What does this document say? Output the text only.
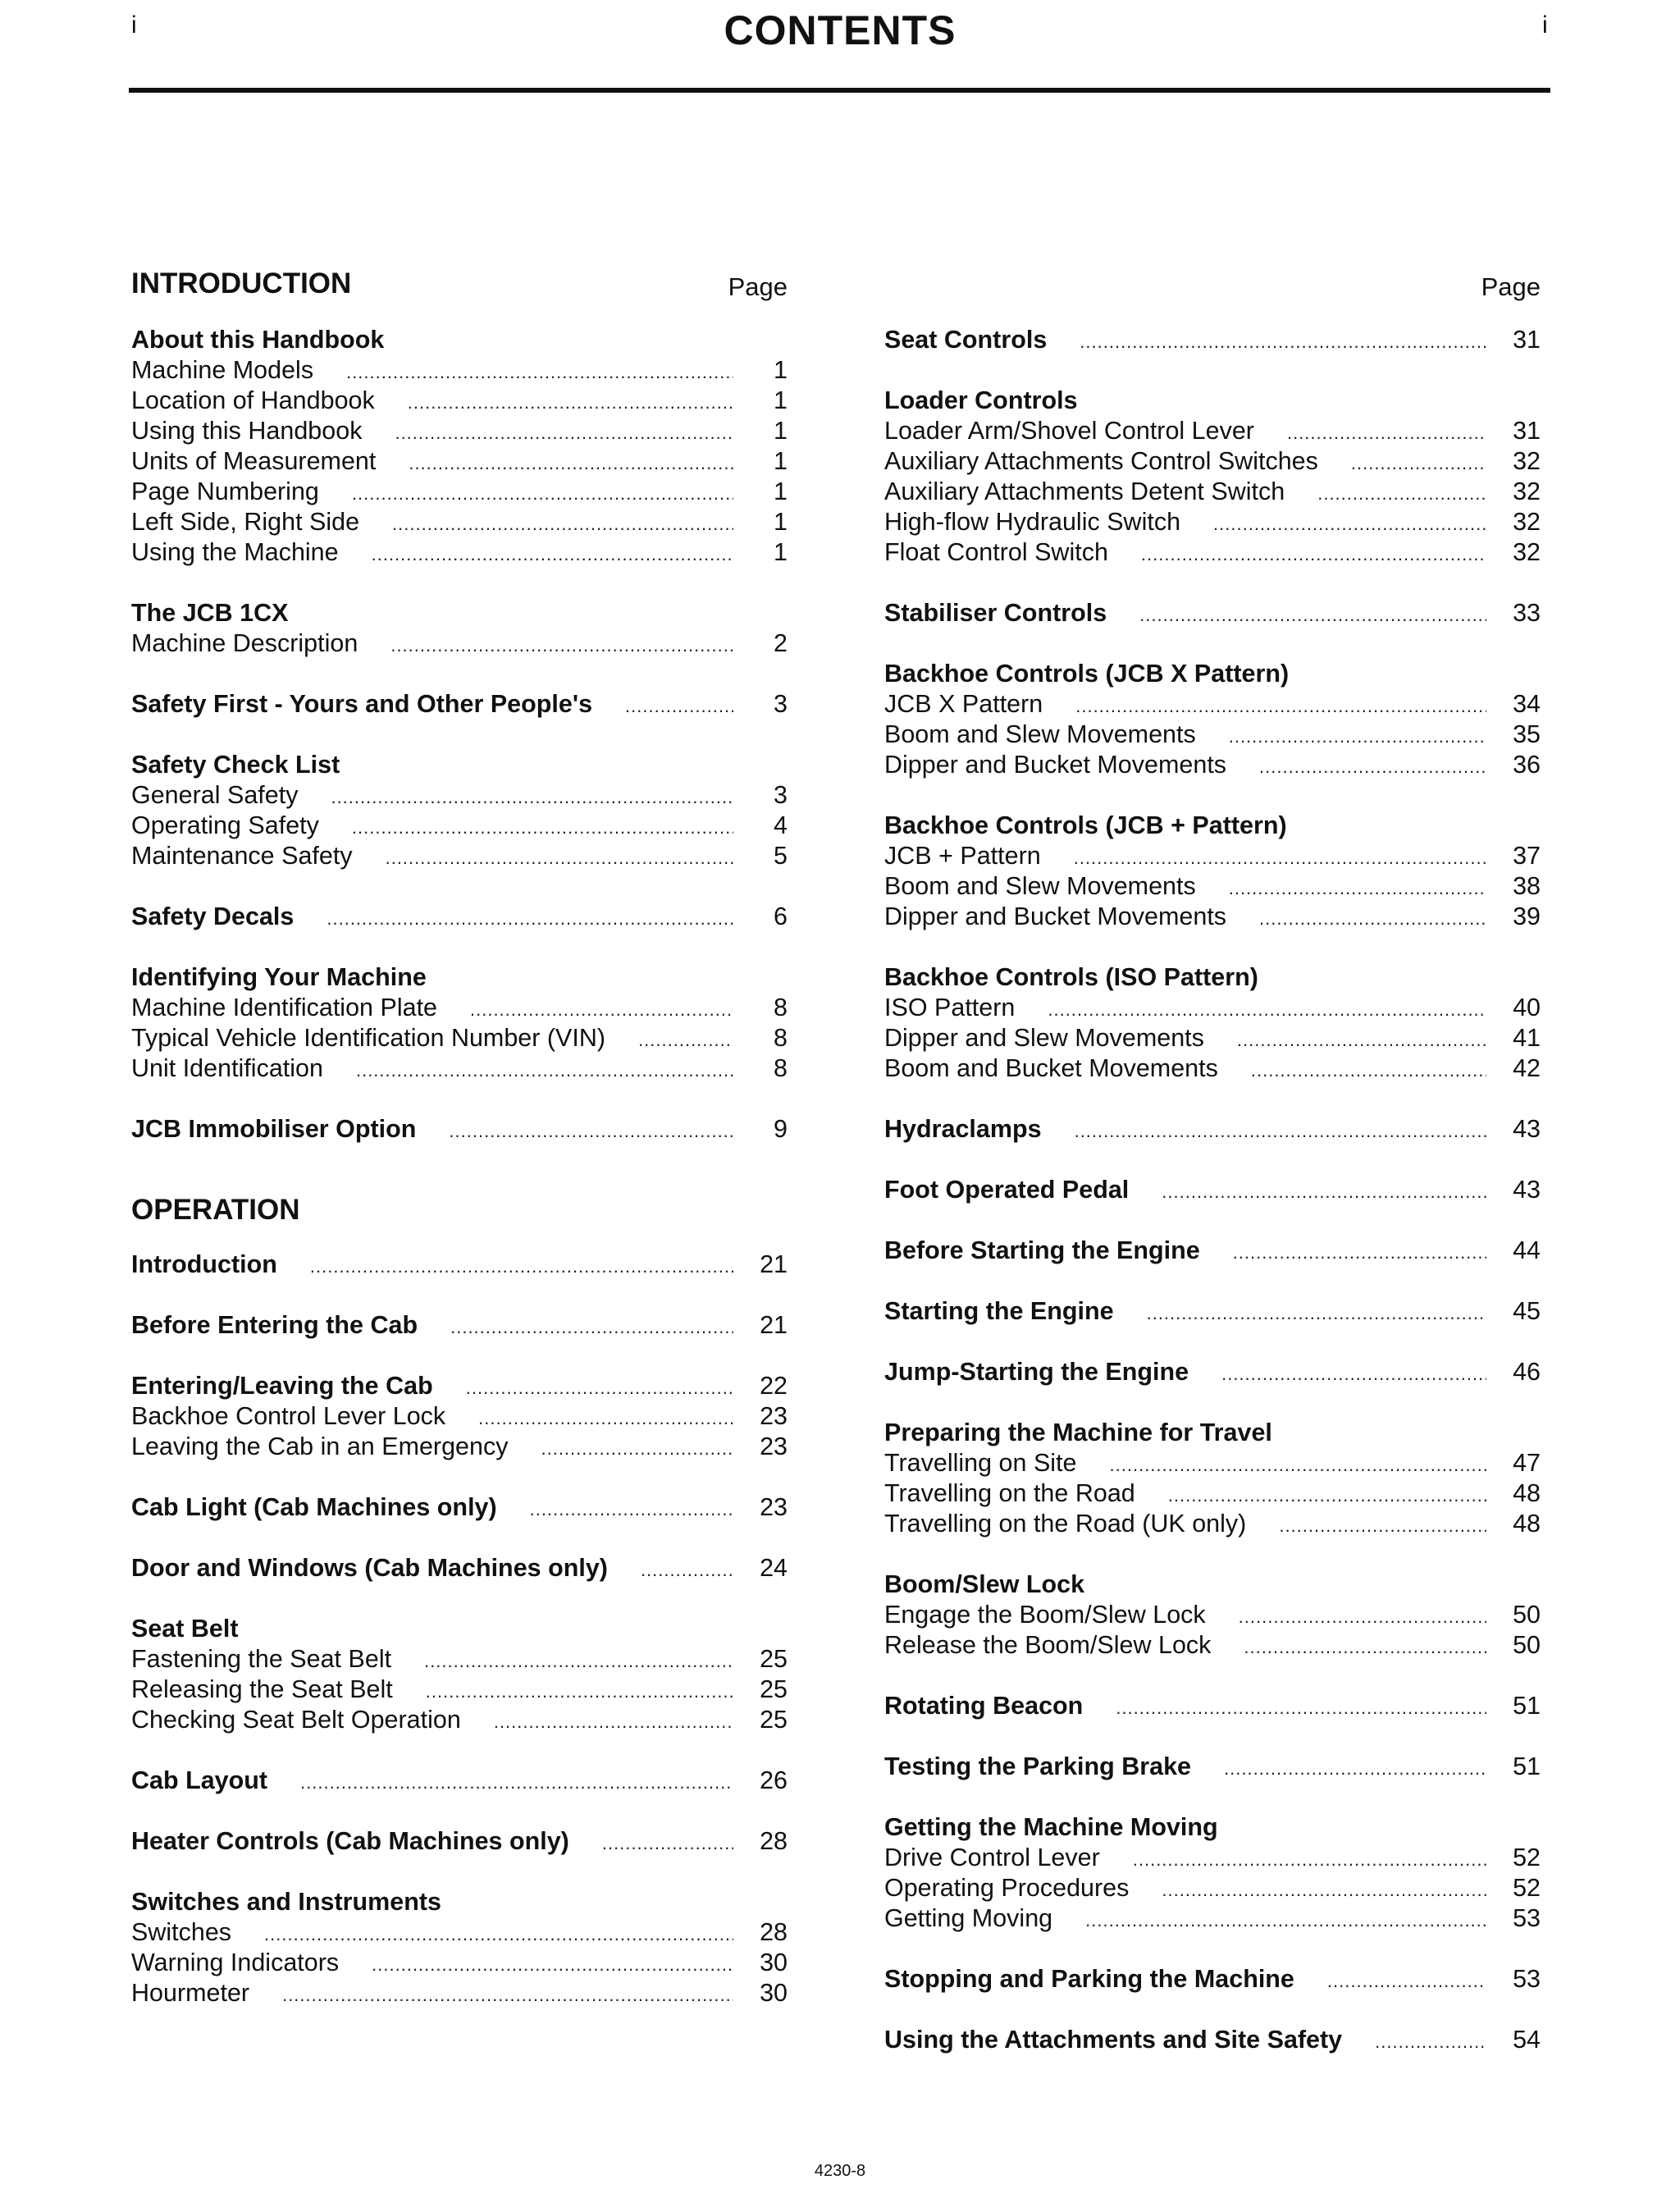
i	CONTENTS	i
INTRODUCTION	Page
About this Handbook
Machine Models .....	1
Location of Handbook .....	1
Using this Handbook .....	1
Units of Measurement .....	1
Page Numbering .....	1
Left Side, Right Side .....	1
Using the Machine .....	1
The JCB 1CX
Machine Description .....	2
Safety First - Yours and Other People's .....	3
Safety Check List
General Safety .....	3
Operating Safety .....	4
Maintenance Safety .....	5
Safety Decals .....	6
Identifying Your Machine
Machine Identification Plate .....	8
Typical Vehicle Identification Number (VIN) .....	8
Unit Identification .....	8
JCB Immobiliser Option .....	9
OPERATION
Introduction .....	21
Before Entering the Cab .....	21
Entering/Leaving the Cab .....	22
Backhoe Control Lever Lock .....	23
Leaving the Cab in an Emergency .....	23
Cab Light (Cab Machines only) .....	23
Door and Windows (Cab Machines only) .....	24
Seat Belt
Fastening the Seat Belt .....	25
Releasing the Seat Belt .....	25
Checking Seat Belt Operation .....	25
Cab Layout .....	26
Heater Controls (Cab Machines only) .....	28
Switches and Instruments
Switches .....	28
Warning Indicators .....	30
Hourmeter .....	30
Page
Seat Controls .....	31
Loader Controls
Loader Arm/Shovel Control Lever .....	31
Auxiliary Attachments Control Switches .....	32
Auxiliary Attachments Detent Switch .....	32
High-flow Hydraulic Switch .....	32
Float Control Switch .....	32
Stabiliser Controls .....	33
Backhoe Controls (JCB X Pattern)
JCB X Pattern .....	34
Boom and Slew Movements .....	35
Dipper and Bucket Movements .....	36
Backhoe Controls (JCB + Pattern)
JCB + Pattern .....	37
Boom and Slew Movements .....	38
Dipper and Bucket Movements .....	39
Backhoe Controls (ISO Pattern)
ISO Pattern .....	40
Dipper and Slew Movements .....	41
Boom and Bucket Movements .....	42
Hydraclamps .....	43
Foot Operated Pedal .....	43
Before Starting the Engine .....	44
Starting the Engine .....	45
Jump-Starting the Engine .....	46
Preparing the Machine for Travel
Travelling on Site .....	47
Travelling on the Road .....	48
Travelling on the Road (UK only) .....	48
Boom/Slew Lock
Engage the Boom/Slew Lock .....	50
Release the Boom/Slew Lock .....	50
Rotating Beacon .....	51
Testing the Parking Brake .....	51
Getting the Machine Moving
Drive Control Lever .....	52
Operating Procedures .....	52
Getting Moving .....	53
Stopping and Parking the Machine .....	53
Using the Attachments and Site Safety .....	54
4230-8
